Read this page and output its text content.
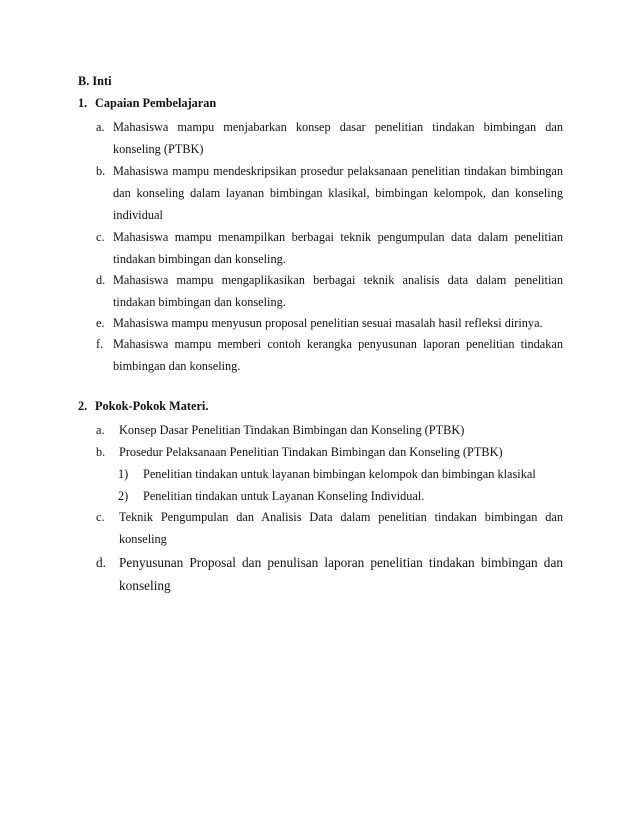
B. Inti
1. Capaian Pembelajaran
a. Mahasiswa mampu menjabarkan konsep dasar penelitian tindakan bimbingan dan konseling (PTBK)
b. Mahasiswa mampu mendeskripsikan prosedur pelaksanaan penelitian tindakan bimbingan dan konseling dalam layanan bimbingan klasikal, bimbingan kelompok, dan konseling individual
c. Mahasiswa mampu menampilkan berbagai teknik pengumpulan data dalam penelitian tindakan bimbingan dan konseling.
d. Mahasiswa mampu mengaplikasikan berbagai teknik analisis data dalam penelitian tindakan bimbingan dan konseling.
e. Mahasiswa mampu menyusun proposal penelitian sesuai masalah hasil refleksi dirinya.
f. Mahasiswa mampu memberi contoh kerangka penyusunan laporan penelitian tindakan bimbingan dan konseling.
2. Pokok-Pokok Materi.
a. Konsep Dasar Penelitian Tindakan Bimbingan dan Konseling (PTBK)
b. Prosedur Pelaksanaan Penelitian Tindakan Bimbingan dan Konseling (PTBK)
1) Penelitian tindakan untuk layanan bimbingan kelompok dan bimbingan klasikal
2) Penelitian tindakan untuk Layanan Konseling Individual.
c. Teknik Pengumpulan dan Analisis Data dalam penelitian tindakan bimbingan dan konseling
d. Penyusunan Proposal dan penulisan laporan penelitian tindakan bimbingan dan konseling
